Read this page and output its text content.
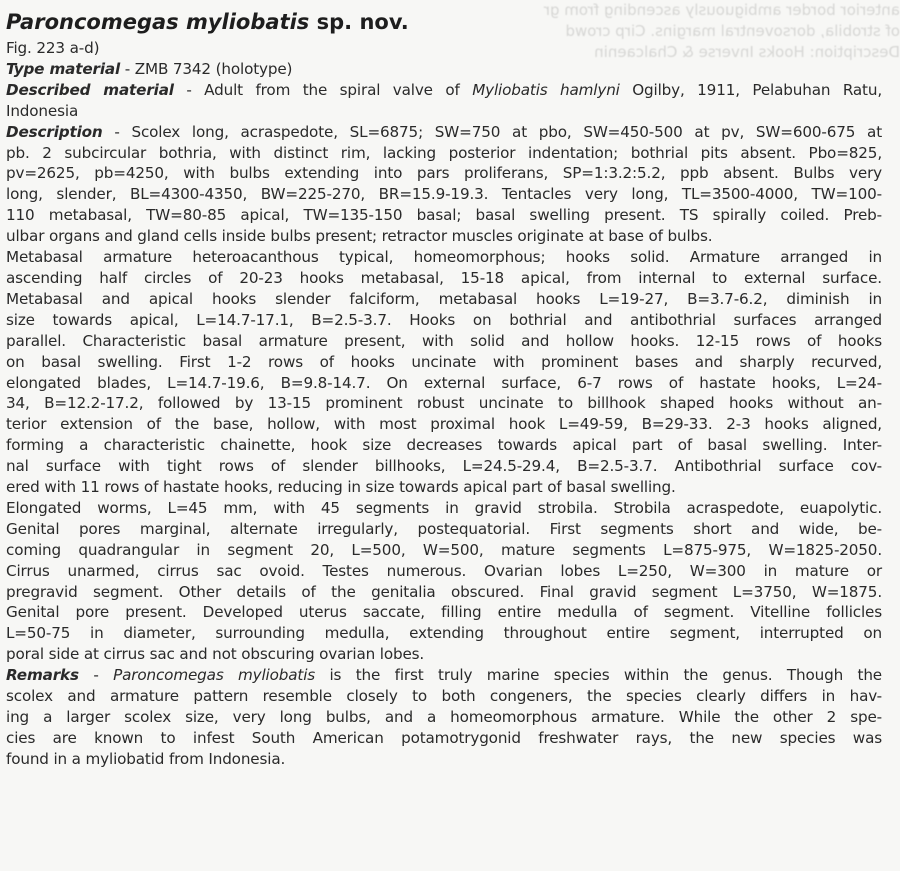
anterior border ambiguously ascending from gr
of strobila, dorsoventral margins. Cirp crowd
Description: Hooks Inverse & Chalcaenin
Paroncomegas myliobatis sp. nov.
Fig. 223 a-d)
Type material - ZMB 7342 (holotype)
Described material - Adult from the spiral valve of Myliobatis hamlyni Ogilby, 1911, Pelabuhan Ratu,
Indonesia
Description - Scolex long, acraspedote, SL=6875; SW=750 at pbo, SW=450-500 at pv, SW=600-675 at
pb. 2 subcircular bothria, with distinct rim, lacking posterior indentation; bothrial pits absent. Pbo=825,
pv=2625, pb=4250, with bulbs extending into pars proliferans, SP=1:3.2:5.2, ppb absent. Bulbs very
long, slender, BL=4300-4350, BW=225-270, BR=15.9-19.3. Tentacles very long, TL=3500-4000, TW=100-
110 metabasal, TW=80-85 apical, TW=135-150 basal; basal swelling present. TS spirally coiled. Preb-
ulbar organs and gland cells inside bulbs present; retractor muscles originate at base of bulbs.
Metabasal armature heteroacanthous typical, homeomorphous; hooks solid. Armature arranged in
ascending half circles of 20-23 hooks metabasal, 15-18 apical, from internal to external surface.
Metabasal and apical hooks slender falciform, metabasal hooks L=19-27, B=3.7-6.2, diminish in
size towards apical, L=14.7-17.1, B=2.5-3.7. Hooks on bothrial and antibothrial surfaces arranged
parallel. Characteristic basal armature present, with solid and hollow hooks. 12-15 rows of hooks
on basal swelling. First 1-2 rows of hooks uncinate with prominent bases and sharply recurved,
elongated blades, L=14.7-19.6, B=9.8-14.7. On external surface, 6-7 rows of hastate hooks, L=24-
34, B=12.2-17.2, followed by 13-15 prominent robust uncinate to billhook shaped hooks without an-
terior extension of the base, hollow, with most proximal hook L=49-59, B=29-33. 2-3 hooks aligned,
forming a characteristic chainette, hook size decreases towards apical part of basal swelling. Inter-
nal surface with tight rows of slender billhooks, L=24.5-29.4, B=2.5-3.7. Antibothrial surface cov-
ered with 11 rows of hastate hooks, reducing in size towards apical part of basal swelling.
Elongated worms, L=45 mm, with 45 segments in gravid strobila. Strobila acraspedote, euapolytic.
Genital pores marginal, alternate irregularly, postequatorial. First segments short and wide, be-
coming quadrangular in segment 20, L=500, W=500, mature segments L=875-975, W=1825-2050.
Cirrus unarmed, cirrus sac ovoid. Testes numerous. Ovarian lobes L=250, W=300 in mature or
pregravid segment. Other details of the genitalia obscured. Final gravid segment L=3750, W=1875.
Genital pore present. Developed uterus saccate, filling entire medulla of segment. Vitelline follicles
L=50-75 in diameter, surrounding medulla, extending throughout entire segment, interrupted on
poral side at cirrus sac and not obscuring ovarian lobes.
Remarks - Paroncomegas myliobatis is the first truly marine species within the genus. Though the
scolex and armature pattern resemble closely to both congeners, the species clearly differs in hav-
ing a larger scolex size, very long bulbs, and a homeomorphous armature. While the other 2 spe-
cies are known to infest South American potamotrygonid freshwater rays, the new species was
found in a myliobatid from Indonesia.
